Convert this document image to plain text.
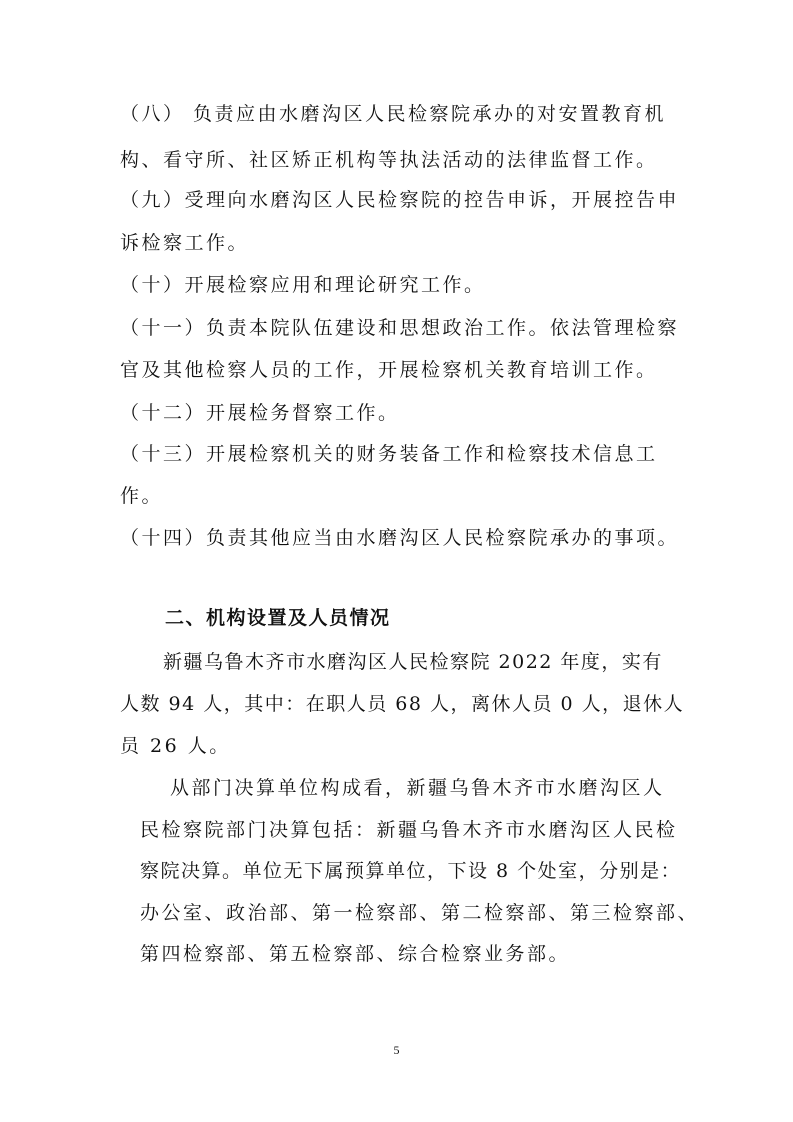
（八） 负责应由水磨沟区人民检察院承办的对安置教育机
构、看守所、社区矫正机构等执法活动的法律监督工作。
（九）受理向水磨沟区人民检察院的控告申诉，开展控告申
诉检察工作。
（十）开展检察应用和理论研究工作。
（十一）负责本院队伍建设和思想政治工作。依法管理检察
官及其他检察人员的工作，开展检察机关教育培训工作。
（十二）开展检务督察工作。
（十三）开展检察机关的财务装备工作和检察技术信息工
作。
（十四）负责其他应当由水磨沟区人民检察院承办的事项。
二、机构设置及人员情况
新疆乌鲁木齐市水磨沟区人民检察院 2022 年度，实有
人数 94 人，其中：在职人员 68 人，离休人员 0 人，退休人
员 26 人。
从部门决算单位构成看，新疆乌鲁木齐市水磨沟区人
民检察院部门决算包括：新疆乌鲁木齐市水磨沟区人民检
察院决算。单位无下属预算单位，下设 8 个处室，分别是：
办公室、政治部、第一检察部、第二检察部、第三检察部、
第四检察部、第五检察部、综合检察业务部。
5
